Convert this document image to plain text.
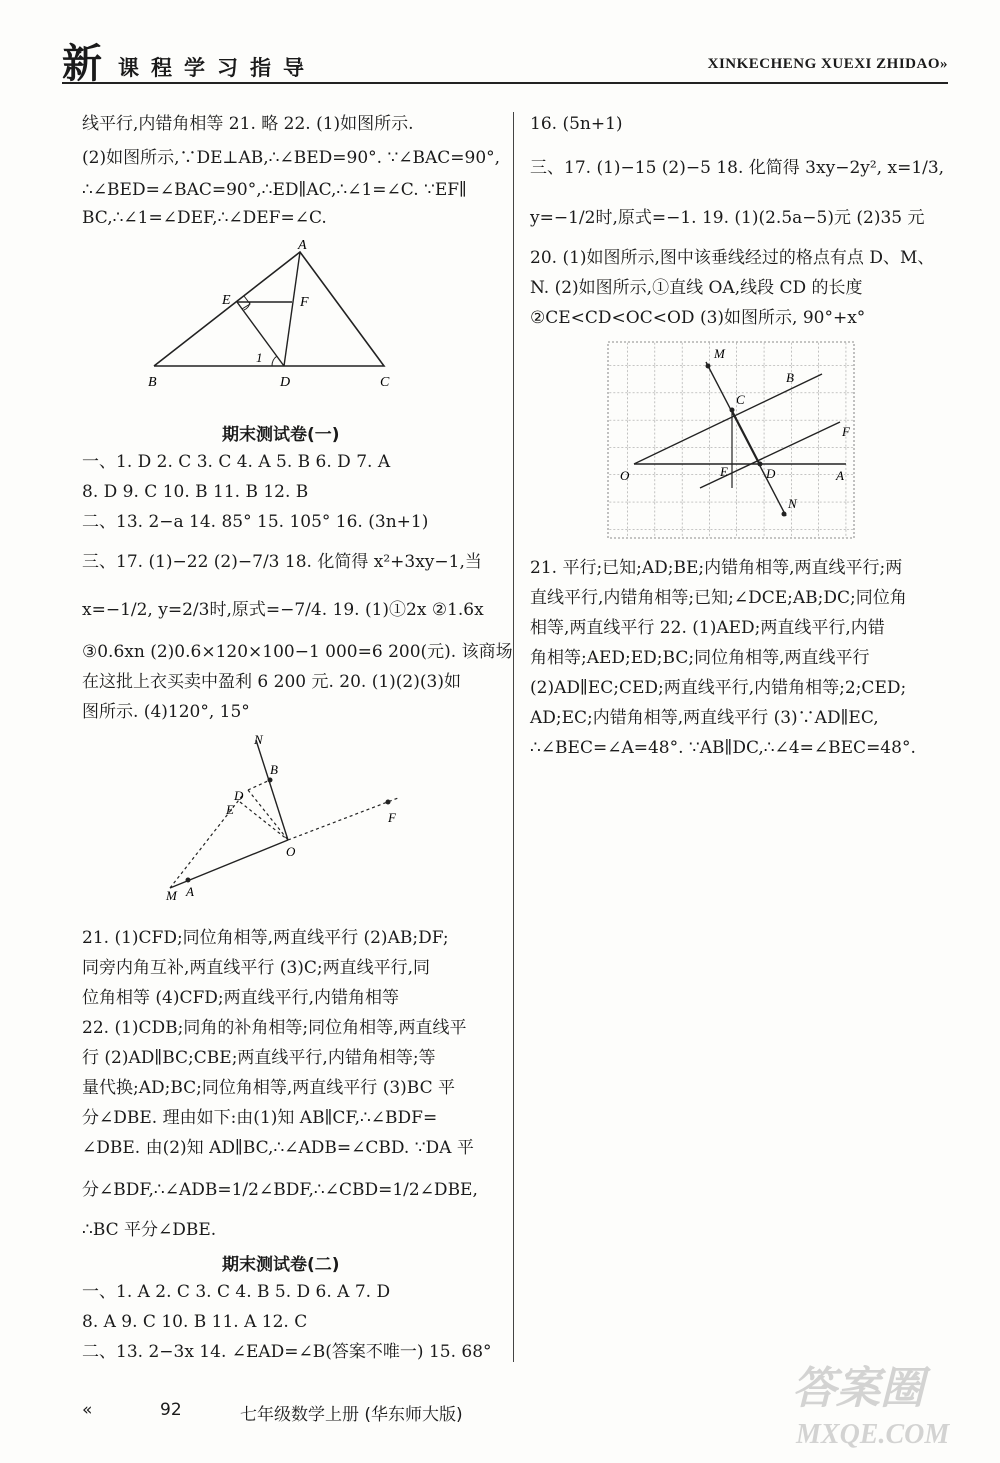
新 课程学习指导	XINKECHENG XUEXI ZHIDAO»
线平行,内错角相等 21. 略 22. (1)如图所示.
(2)如图所示,∵DE⊥AB,∴∠BED=90°. ∵∠BAC=90°,
∴∠BED=∠BAC=90°,∴ED∥AC,∴∠1=∠C. ∵EF∥
BC,∴∠1=∠DEF,∴∠DEF=∠C.
A
B	C
D
E	F
1
期末测试卷(一)
一、1. D 2. C 3. C 4. A 5. B 6. D 7. A
8. D 9. C 10. B 11. B 12. B
二、13. 2−a 14. 85° 15. 105° 16. (3n+1)
三、17. (1)−22 (2)−7/3 18. 化简得 x²+3xy−1,当
x=−1/2, y=2/3时,原式=−7/4. 19. (1)①2x ②1.6x
③0.6xn (2)0.6×120×100−1 000=6 200(元). 该商场
在这批上衣买卖中盈利 6 200 元. 20. (1)(2)(3)如
图所示. (4)120°, 15°
N
B
D
E
F
O
M A
21. (1)CFD;同位角相等,两直线平行 (2)AB;DF;
同旁内角互补,两直线平行 (3)C;两直线平行,同
位角相等 (4)CFD;两直线平行,内错角相等
22. (1)CDB;同角的补角相等;同位角相等,两直线平
行 (2)AD∥BC;CBE;两直线平行,内错角相等;等
量代换;AD;BC;同位角相等,两直线平行 (3)BC 平
分∠DBE. 理由如下:由(1)知 AB∥CF,∴∠BDF=
∠DBE. 由(2)知 AD∥BC,∴∠ADB=∠CBD. ∵DA 平
分∠BDF,∴∠ADB=1/2∠BDF,∴∠CBD=1/2∠DBE,
∴BC 平分∠DBE.
期末测试卷(二)
一、1. A 2. C 3. C 4. B 5. D 6. A 7. D
8. A 9. C 10. B 11. A 12. C
二、13. 2−3x 14. ∠EAD=∠B(答案不唯一) 15. 68°
16. (5n+1)
三、17. (1)−15 (2)−5 18. 化简得 3xy−2y², x=1/3,
y=−1/2时,原式=−1. 19. (1)(2.5a−5)元 (2)35 元
20. (1)如图所示,图中该垂线经过的格点有点 D、M、
N. (2)如图所示,①直线 OA,线段 CD 的长度
②CE<CD<OC<OD (3)如图所示, 90°+x°
M
B
C
F
O	E	D	A
N
21. 平行;已知;AD;BE;内错角相等,两直线平行;两
直线平行,内错角相等;已知;∠DCE;AB;DC;同位角
相等,两直线平行 22. (1)AED;两直线平行,内错
角相等;AED;ED;BC;同位角相等,两直线平行
(2)AD∥EC;CED;两直线平行,内错角相等;2;CED;
AD;EC;内错角相等,两直线平行 (3)∵AD∥EC,
∴∠BEC=∠A=48°. ∵AB∥DC,∴∠4=∠BEC=48°.
«	92	七年级数学上册 (华东师大版)
答案圈
MXQE.COM
